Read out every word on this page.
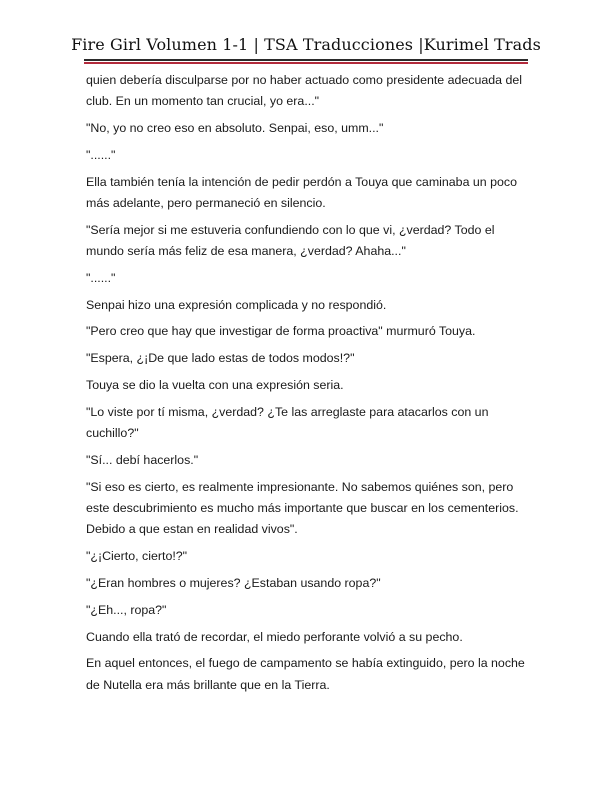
Fire Girl Volumen 1-1 | TSA Traducciones |Kurimel Trads

quien debería disculparse por no haber actuado como presidente adecuada del club. En un momento tan crucial, yo era..."

"No, yo no creo eso en absoluto. Senpai, eso, umm..."

"......"

Ella también tenía la intención de pedir perdón a Touya que caminaba un poco más adelante, pero permaneció en silencio.

"Sería mejor si me estuveria confundiendo con lo que vi, ¿verdad? Todo el mundo sería más feliz de esa manera, ¿verdad? Ahaha..."

"......"

Senpai hizo una expresión complicada y no respondió.

"Pero creo que hay que investigar de forma proactiva" murmuró Touya.

"Espera, ¿¡De que lado estas de todos modos!?"

Touya se dio la vuelta con una expresión seria.

"Lo viste por tí misma, ¿verdad? ¿Te las arreglaste para atacarlos con un cuchillo?"

"Sí... debí hacerlos."

"Si eso es cierto, es realmente impresionante. No sabemos quiénes son, pero este descubrimiento es mucho más importante que buscar en los cementerios. Debido a que estan en realidad vivos".

"¿¡Cierto, cierto!?"

"¿Eran hombres o mujeres? ¿Estaban usando ropa?"

"¿Eh..., ropa?"

Cuando ella trató de recordar, el miedo perforante volvió a su pecho.

En aquel entonces, el fuego de campamento se había extinguido, pero la noche de Nutella era más brillante que en la Tierra.
